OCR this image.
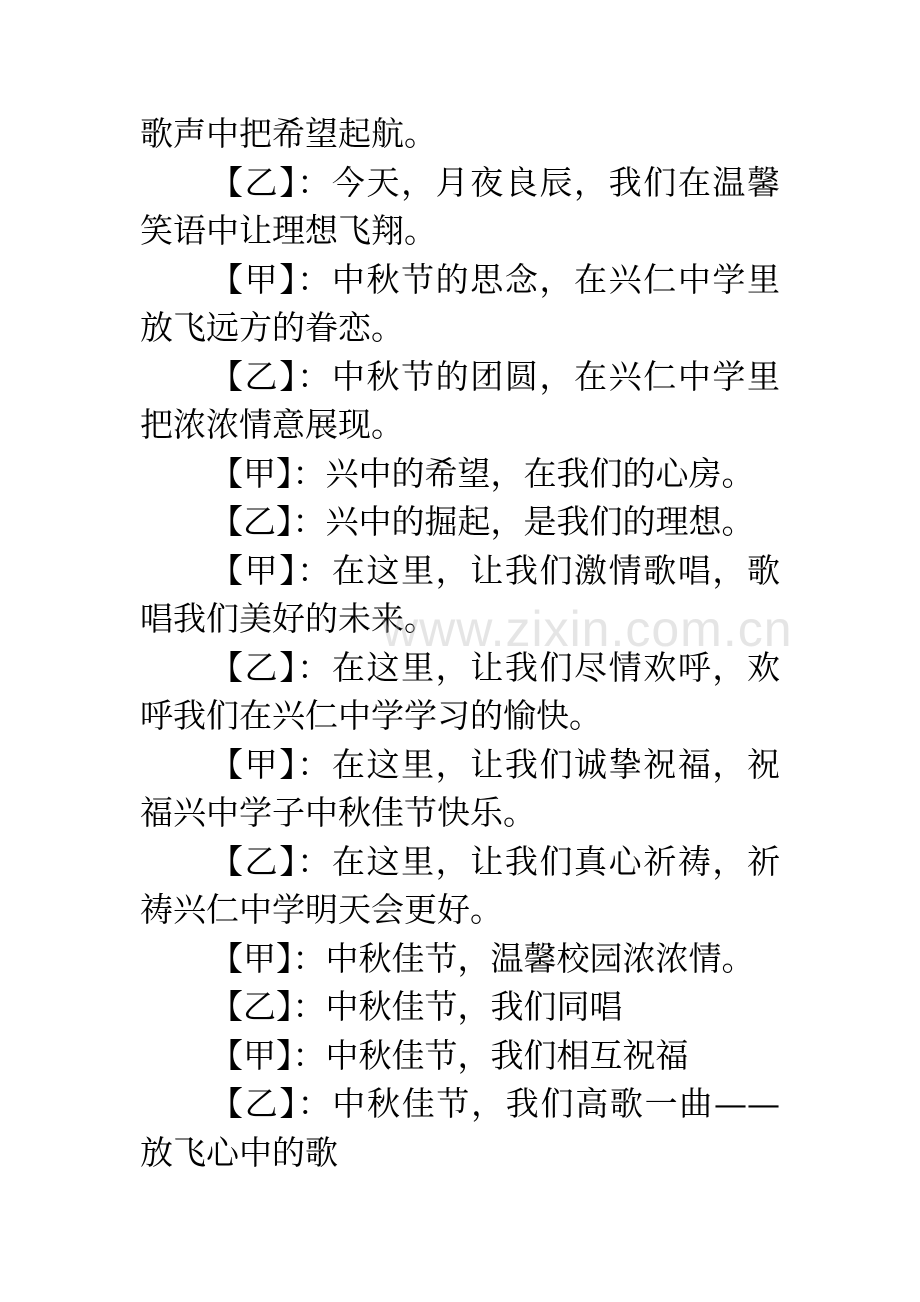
歌声中把希望起航。

【乙】：今天，月夜良辰，我们在温馨笑语中让理想飞翔。

【甲】：中秋节的思念，在兴仁中学里放飞远方的眷恋。

【乙】：中秋节的团圆，在兴仁中学里把浓浓情意展现。

【甲】：兴中的希望，在我们的心房。

【乙】：兴中的掘起，是我们的理想。

【甲】：在这里，让我们激情歌唱，歌唱我们美好的未来。

【乙】：在这里，让我们尽情欢呼，欢呼我们在兴仁中学学习的愉快。

【甲】：在这里，让我们诚挚祝福，祝福兴中学子中秋佳节快乐。

【乙】：在这里，让我们真心祈祷，祈祷兴仁中学明天会更好。

【甲】：中秋佳节，温馨校园浓浓情。

【乙】：中秋佳节，我们同唱

【甲】：中秋佳节，我们相互祝福

【乙】：中秋佳节，我们高歌一曲——放飞心中的歌

www.zixin.com.cn
